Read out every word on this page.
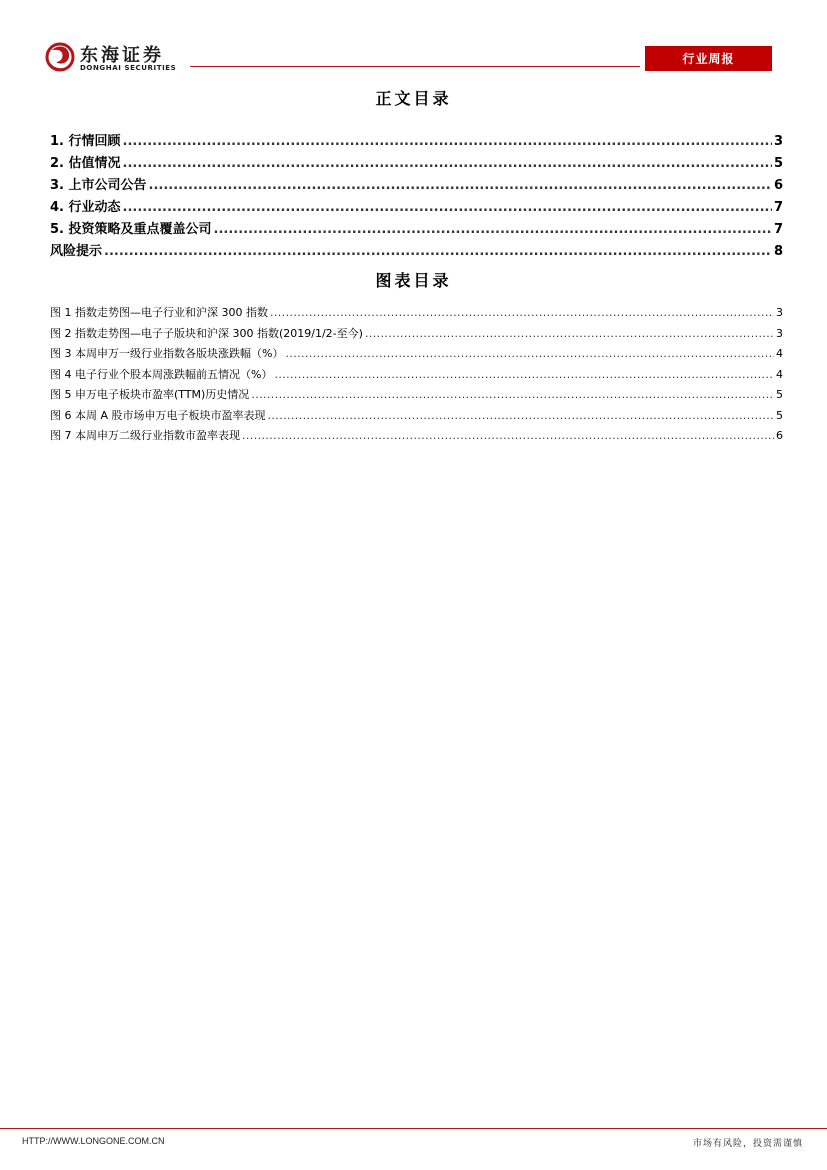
东海证券
DONGHAI SECURITIES
行业周报
正文目录
1. 行情回顾 .....	3
2. 估值情况 .....	5
3. 上市公司公告 .....	6
4. 行业动态 .....	7
5. 投资策略及重点覆盖公司 .....	7
风险提示 .....	8
图表目录
图 1 指数走势图—电子行业和沪深 300 指数 .....	3
图 2 指数走势图—电子子版块和沪深 300 指数(2019/1/2-至今) .....	3
图 3 本周申万一级行业指数各版块涨跌幅（%） .....	4
图 4 电子行业个股本周涨跌幅前五情况（%） .....	4
图 5 申万电子板块市盈率(TTM)历史情况 .....	5
图 6 本周 A 股市场申万电子板块市盈率表现 .....	5
图 7 本周申万二级行业指数市盈率表现 .....	6
HTTP://WWW.LONGONE.COM.CN	市场有风险，投资需谨慎
